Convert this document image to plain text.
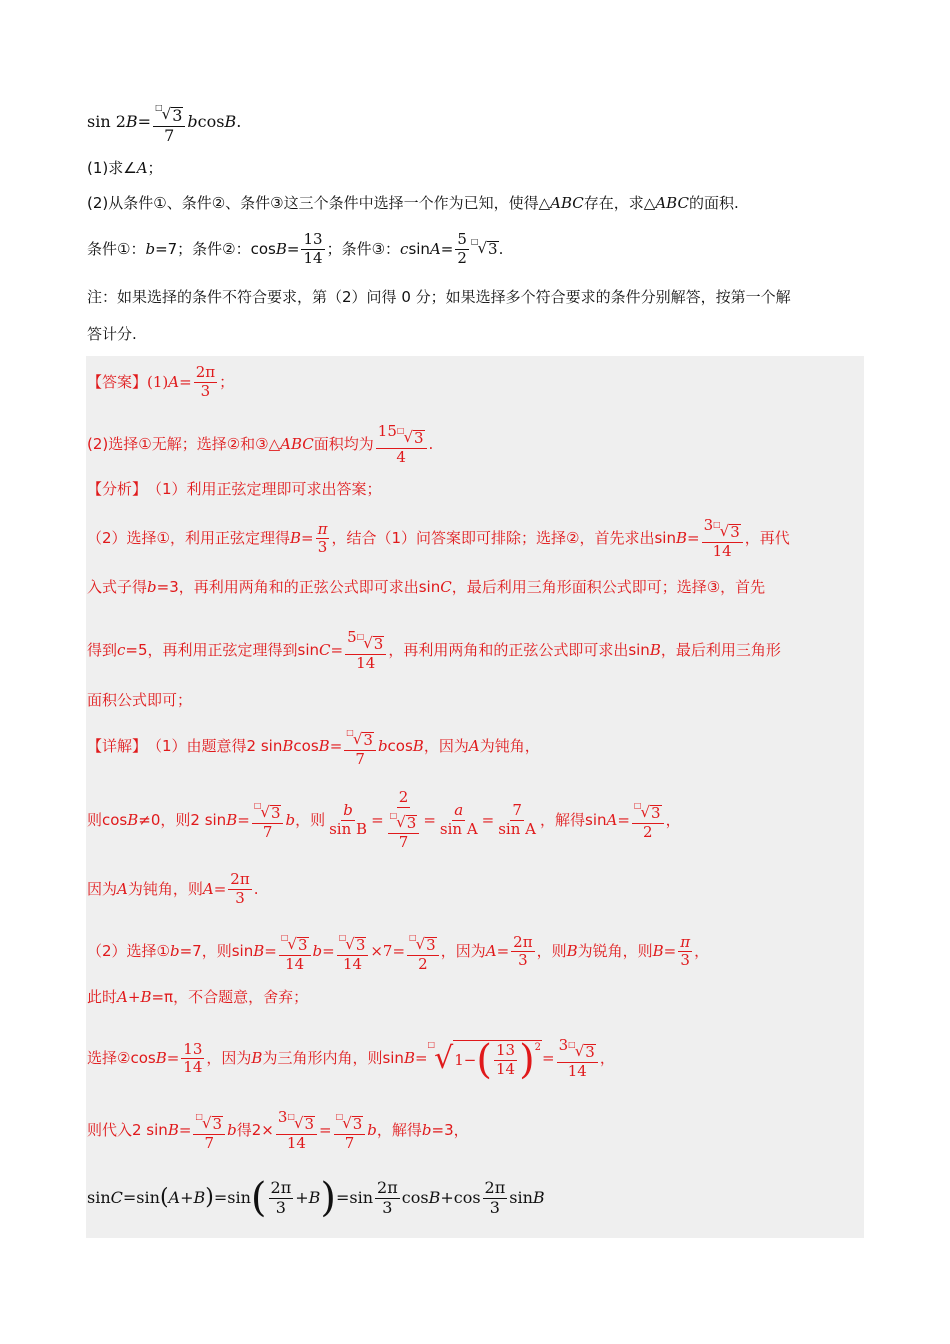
sin 2 $B = \frac{□ √ 3}{7}$ b cos B .
(1)求∠ A ；
(2)从条件①、条件②、条件③这三个条件中选择一个作为已知，使得△ ABC 存在，求△ ABC 的面积.
条件①： b =7；条件②：$\cos B = \frac{13}{14}$ ；条件③： c $\sin A = \frac{5}{2}$ □ √ 3 .
注：如果选择的条件不符合要求，第（2）问得 0 分；如果选择多个符合要求的条件分别解答，按第一个解
答计分.
【答案】 (1) $A = \frac{2\pi}{3}$ ；
(2)选择①无解；选择②和③△ ABC 面积均为 $\frac{15 □ √ 3}{4}$ .
【分析】 （1）利用正弦定理即可求出答案；
（2）选择①，利用正弦定理得 $B = \frac{\pi}{3}$ ，结合（1）问答案即可排除；选择②，首先求出$\sin B = \frac{3 □ √ 3}{14}$ ，再代
入式子得 b =3，再利用两角和的正弦公式即可求出sin C ，最后利用三角形面积公式即可；选择③，首先
得到 c =5，再利用正弦定理得到$\sin C = \frac{5 □ √ 3}{14}$ ，再利用两角和的正弦公式即可求出sin B ，最后利用三角形
面积公式即可；
【详解】 （1）由题意得2 sin B $\cos B = \frac{□ √ 3}{7}$ b cos B ，因为 A 为钝角，
则cos B ≠0，则2 $\sin B = \frac{□ √ 3}{7}$ b ，则 $\frac{b}{\text{sin B}} = \frac{2}{\frac{□ √ 3}{7}} = \frac{a}{\text{sin A}} = \frac{7}{\text{sin A}}$ ，解得$\sin A = \frac{□ √ 3}{2}$ ，
因为 A 为钝角，则 $A = \frac{2\pi}{3}$ .
（2）选择① b =7，则$\sin B = \frac{□ √ 3}{14}$ $b = \frac{□ √ 3}{14} \times 7= \frac{□ √ 3}{2}$ ，因为 $A = \frac{2\pi}{3}$ ，则 B 为锐角，则 $B = \frac{\pi}{3}$ ，
此时 A + B =π，不合题意，舍弃；
选择②cos $B = \frac{13}{14}$ ，因为 B 为三角形内角，则sin B =
□ √ 1− ( $\frac{13}{14}$ ) 2
= $\frac{3 □ √ 3}{14}$ ，
则代入2 $\sin B = \frac{□ √ 3}{7}$ b 得$2\times \frac{3 □ √ 3}{14} = \frac{□ √ 3}{7}$ b ，解得 b =3，
sin C =sin ( A + B ) =sin ( $\frac{2\pi}{3} + B$ ) $=\sin \frac{2\pi}{3}$ $\cos B +\cos \frac{2\pi}{3}$ sin B
